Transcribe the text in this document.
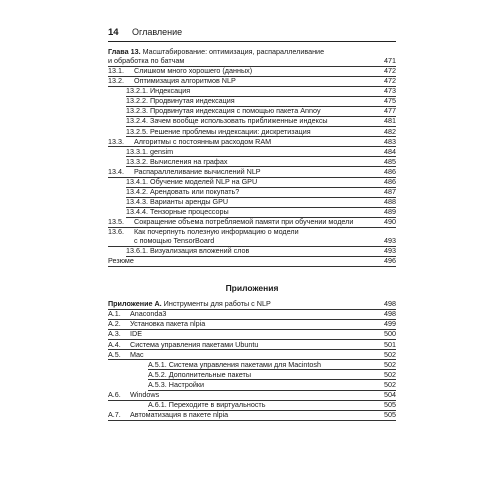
14	Оглавление
Глава 13. Масштабирование: оптимизация, распараллеливание
и обработка по батчам	471
13.1. Слишком много хорошего (данных)	472
13.2. Оптимизация алгоритмов NLP	472
13.2.1. Индексация	473
13.2.2. Продвинутая индексация	475
13.2.3. Продвинутая индексация с помощью пакета Annoy	477
13.2.4. Зачем вообще использовать приближенные индексы	481
13.2.5. Решение проблемы индексации: дискретизация	482
13.3. Алгоритмы с постоянным расходом RAM	483
13.3.1. gensim	484
13.3.2. Вычисления на графах	485
13.4. Распараллеливание вычислений NLP	486
13.4.1. Обучение моделей NLP на GPU	486
13.4.2. Арендовать или покупать?	487
13.4.3. Варианты аренды GPU	488
13.4.4. Тензорные процессоры	489
13.5. Сокращение объема потребляемой памяти при обучении модели	490
13.6. Как почерпнуть полезную информацию о модели
с помощью TensorBoard	493
13.6.1. Визуализация вложений слов	493
Резюме	496
Приложения
Приложение А. Инструменты для работы с NLP	498
A.1. Anaconda3	498
A.2. Установка пакета nlpia	499
A.3. IDE	500
A.4. Система управления пакетами Ubuntu	501
A.5. Mac	502
A.5.1. Система управления пакетами для Macintosh	502
A.5.2. Дополнительные пакеты	502
A.5.3. Настройки	502
A.6. Windows	504
A.6.1. Переходите в виртуальность	505
A.7. Автоматизация в пакете nlpia	505
